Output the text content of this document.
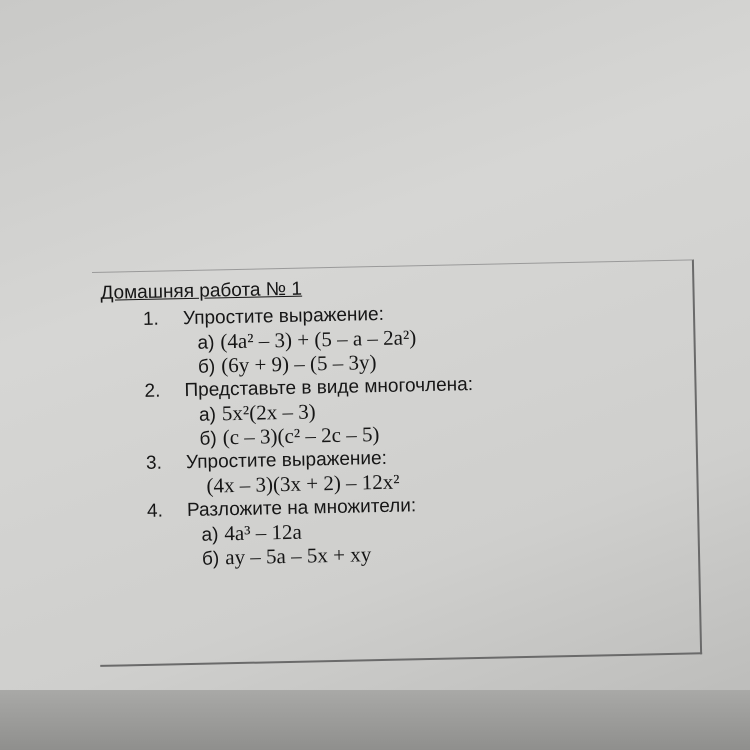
Домашняя работа № 1
1.	Упростите выражение:
а) (4a² – 3) + (5 – a – 2a²)
б) (6y + 9) – (5 – 3y)
2.	Представьте в виде многочлена:
а) 5x²(2x – 3)
б) (c – 3)(c² – 2c – 5)
3.	Упростите выражение:
(4x – 3)(3x + 2) – 12x²
4.	Разложите на множители:
а) 4a³ – 12a
б) ay – 5a – 5x + xy
